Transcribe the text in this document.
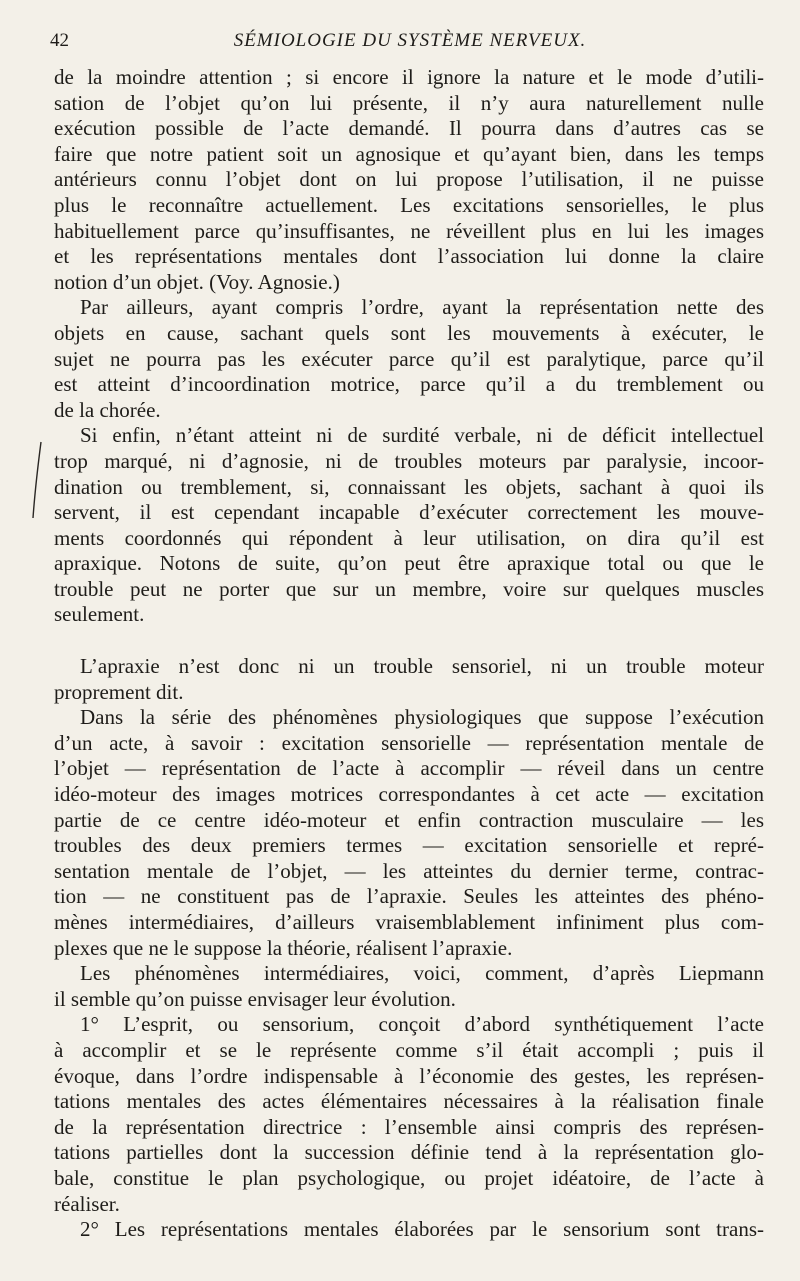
42	SÉMIOLOGIE DU SYSTÈME NERVEUX.
de la moindre attention ; si encore il ignore la nature et le mode d’utili-
sation de l’objet qu’on lui présente, il n’y aura naturellement nulle
exécution possible de l’acte demandé. Il pourra dans d’autres cas se
faire que notre patient soit un agnosique et qu’ayant bien, dans les temps
antérieurs connu l’objet dont on lui propose l’utilisation, il ne puisse
plus le reconnaître actuellement. Les excitations sensorielles, le plus
habituellement parce qu’insuffisantes, ne réveillent plus en lui les images
et les représentations mentales dont l’association lui donne la claire
notion d’un objet. (Voy. Agnosie.)
Par ailleurs, ayant compris l’ordre, ayant la représentation nette des
objets en cause, sachant quels sont les mouvements à exécuter, le
sujet ne pourra pas les exécuter parce qu’il est paralytique, parce qu’il
est atteint d’incoordination motrice, parce qu’il a du tremblement ou
de la chorée.
Si enfin, n’étant atteint ni de surdité verbale, ni de déficit intellectuel
trop marqué, ni d’agnosie, ni de troubles moteurs par paralysie, incoor-
dination ou tremblement, si, connaissant les objets, sachant à quoi ils
servent, il est cependant incapable d’exécuter correctement les mouve-
ments coordonnés qui répondent à leur utilisation, on dira qu’il est
apraxique. Notons de suite, qu’on peut être apraxique total ou que le
trouble peut ne porter que sur un membre, voire sur quelques muscles
seulement.
L’apraxie n’est donc ni un trouble sensoriel, ni un trouble moteur
proprement dit.
Dans la série des phénomènes physiologiques que suppose l’exécution
d’un acte, à savoir : excitation sensorielle — représentation mentale de
l’objet — représentation de l’acte à accomplir — réveil dans un centre
idéo-moteur des images motrices correspondantes à cet acte — excitation
partie de ce centre idéo-moteur et enfin contraction musculaire — les
troubles des deux premiers termes — excitation sensorielle et repré-
sentation mentale de l’objet, — les atteintes du dernier terme, contrac-
tion — ne constituent pas de l’apraxie. Seules les atteintes des phéno-
mènes intermédiaires, d’ailleurs vraisemblablement infiniment plus com-
plexes que ne le suppose la théorie, réalisent l’apraxie.
Les phénomènes intermédiaires, voici, comment, d’après Liepmann
il semble qu’on puisse envisager leur évolution.
1° L’esprit, ou sensorium, conçoit d’abord synthétiquement l’acte
à accomplir et se le représente comme s’il était accompli ; puis il
évoque, dans l’ordre indispensable à l’économie des gestes, les représen-
tations mentales des actes élémentaires nécessaires à la réalisation finale
de la représentation directrice : l’ensemble ainsi compris des représen-
tations partielles dont la succession définie tend à la représentation glo-
bale, constitue le plan psychologique, ou projet idéatoire, de l’acte à
réaliser.
2° Les représentations mentales élaborées par le sensorium sont trans-
